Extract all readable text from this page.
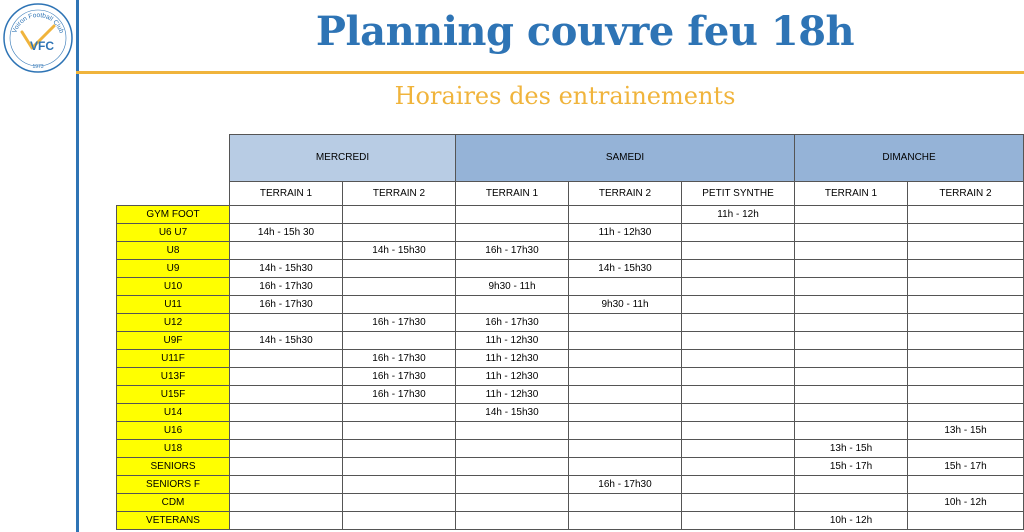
Voiron Football Club
VFC
1973
Planning couvre feu 18h
Horaires des entrainements
	MERCREDI		SAMEDI			DIMANCHE	
	TERRAIN 1	TERRAIN 2	TERRAIN 1	TERRAIN 2	PETIT SYNTHE	TERRAIN 1	TERRAIN 2
GYM FOOT					11h - 12h		
U6 U7	14h - 15h 30			11h - 12h30			
U8		14h - 15h30	16h - 17h30				
U9	14h - 15h30			14h - 15h30			
U10	16h - 17h30		9h30 - 11h				
U11	16h - 17h30			9h30 - 11h			
U12		16h - 17h30	16h - 17h30				
U9F	14h - 15h30		11h - 12h30				
U11F		16h - 17h30	11h - 12h30				
U13F		16h - 17h30	11h - 12h30				
U15F		16h - 17h30	11h - 12h30				
U14			14h - 15h30				
U16							13h - 15h
U18						13h - 15h	
SENIORS						15h - 17h	15h - 17h
SENIORS F				16h - 17h30			
CDM							10h - 12h
VETERANS						10h - 12h	
